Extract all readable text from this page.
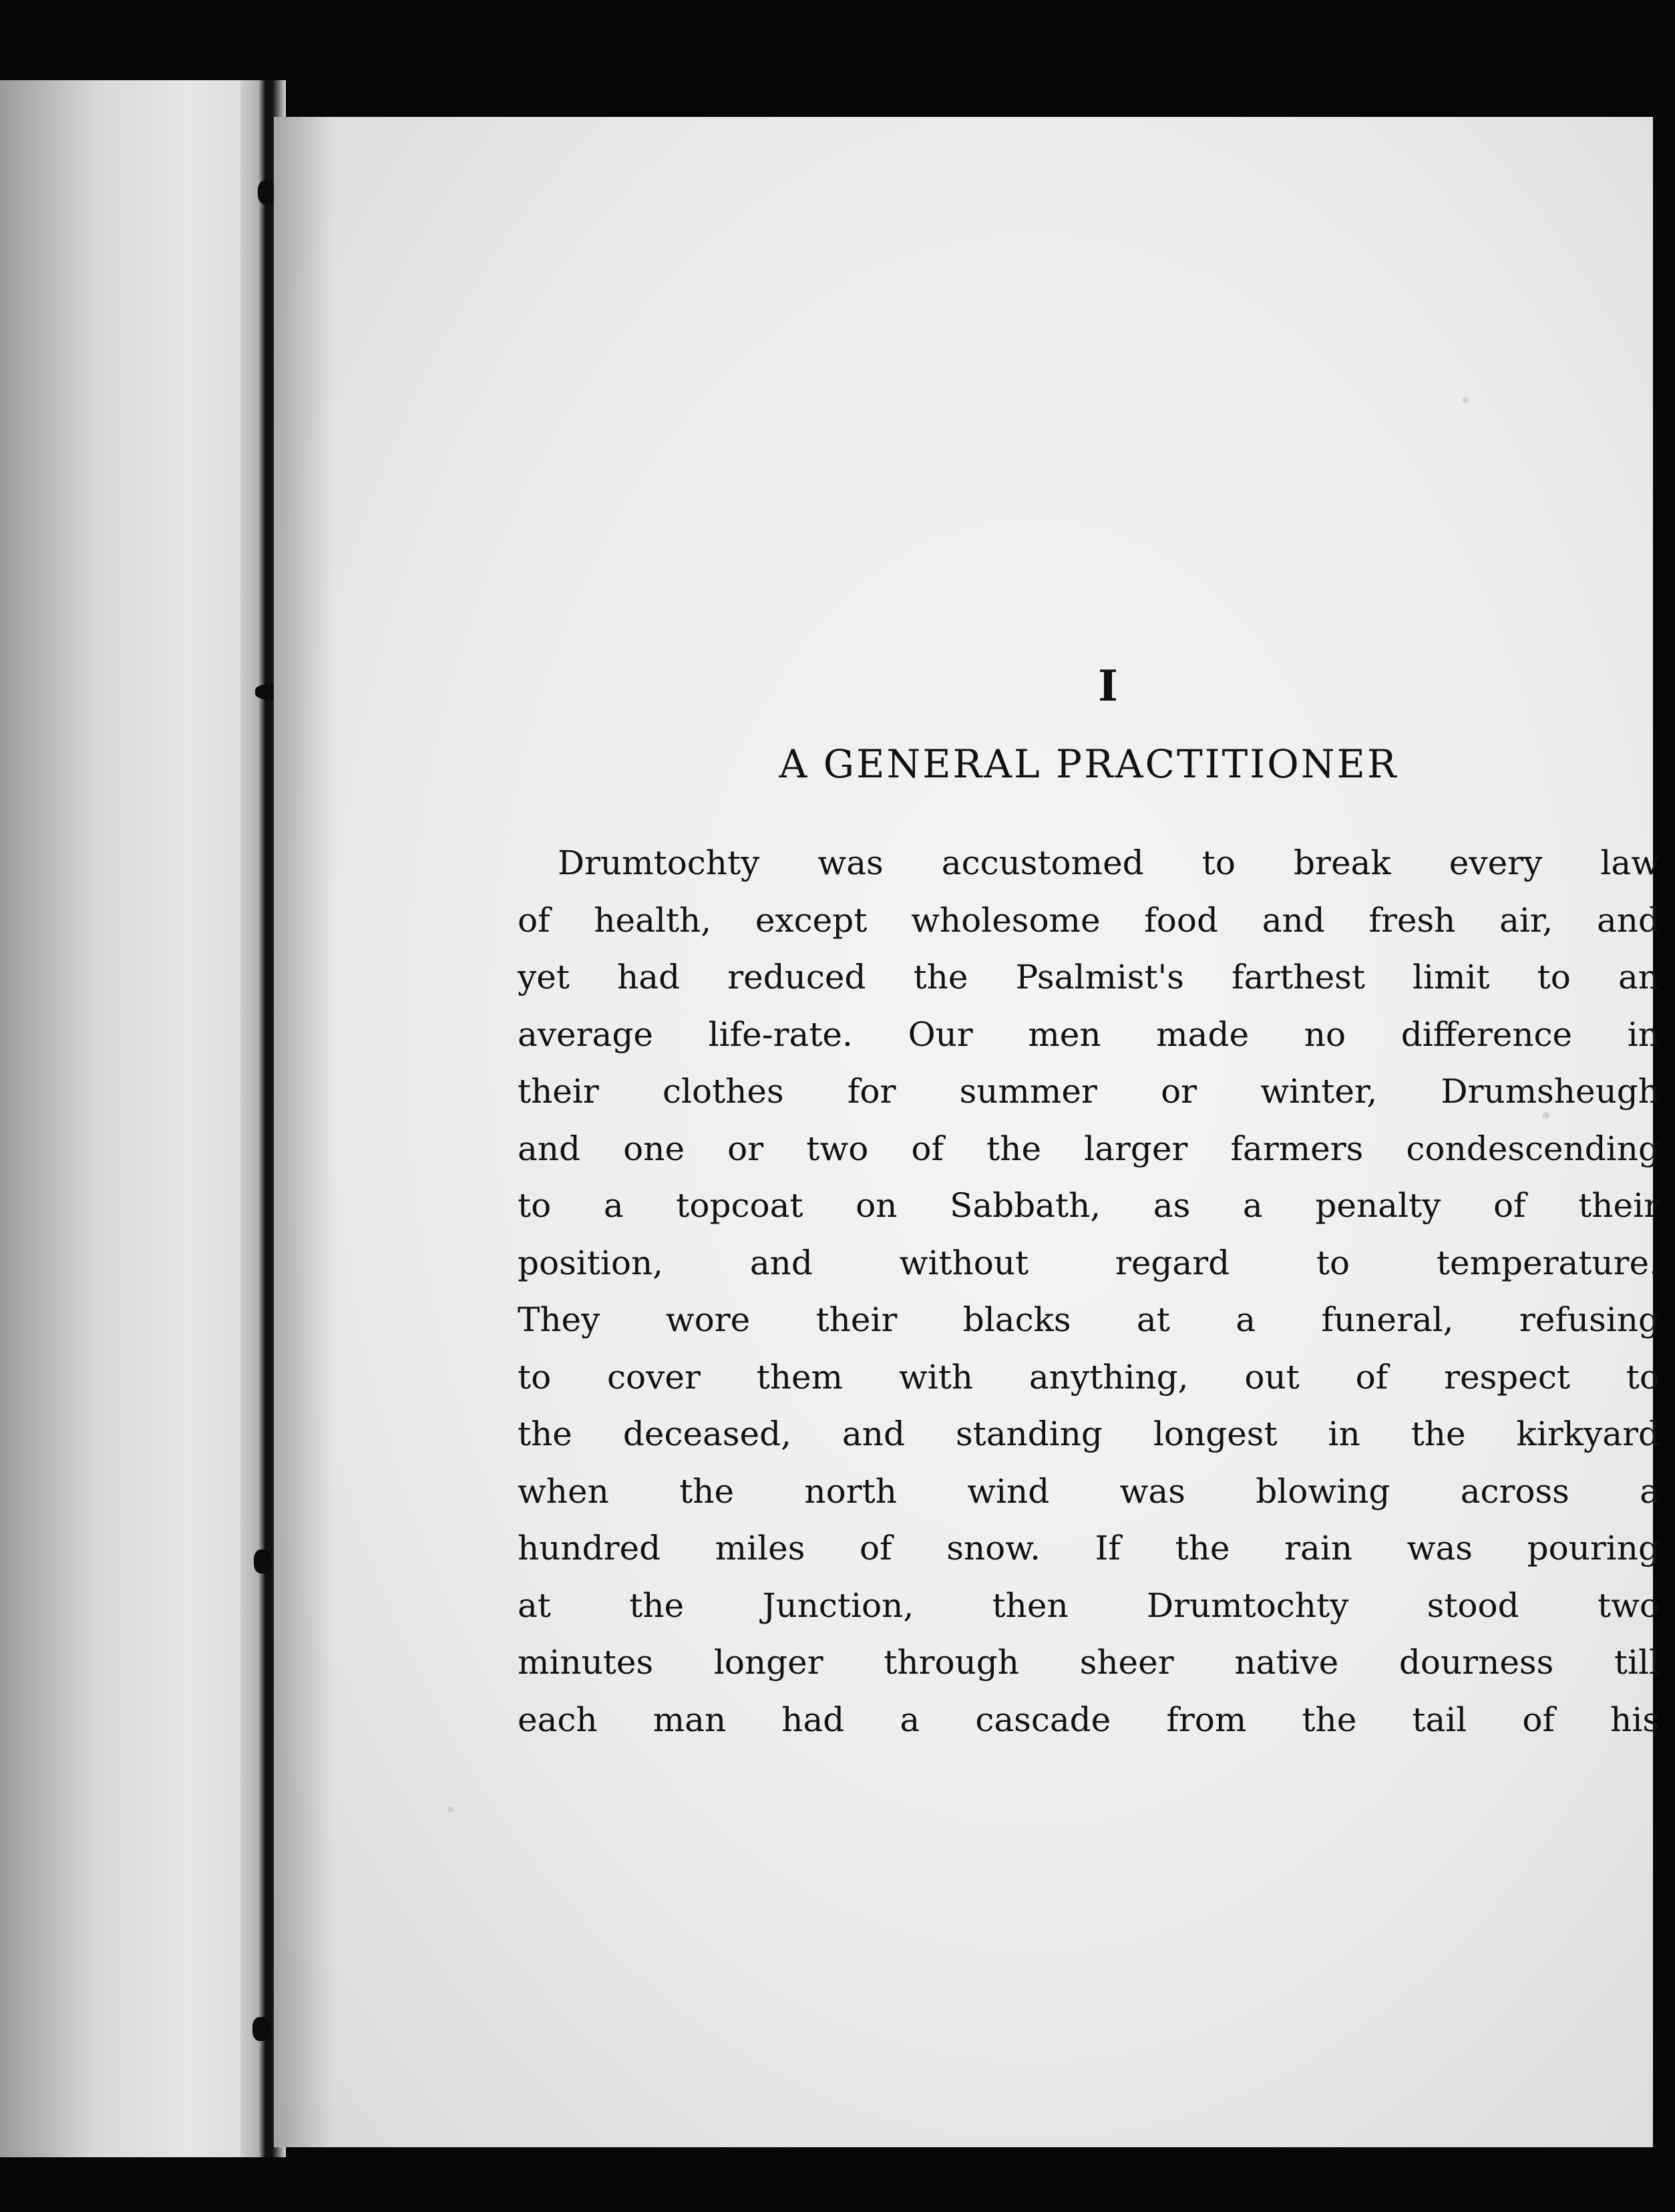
I
A GENERAL PRACTITIONER
Drumtochty was accustomed to break every law
of health, except wholesome food and fresh air, and
yet had reduced the Psalmist's farthest limit to an
average life-rate. Our men made no difference in
their clothes for summer or winter, Drumsheugh
and one or two of the larger farmers condescending
to a topcoat on Sabbath, as a penalty of their
position, and without regard to temperature.
They wore their blacks at a funeral, refusing
to cover them with anything, out of respect to
the deceased, and standing longest in the kirkyard
when the north wind was blowing across a
hundred miles of snow. If the rain was pouring
at the Junction, then Drumtochty stood two
minutes longer through sheer native dourness till
each man had a cascade from the tail of his
